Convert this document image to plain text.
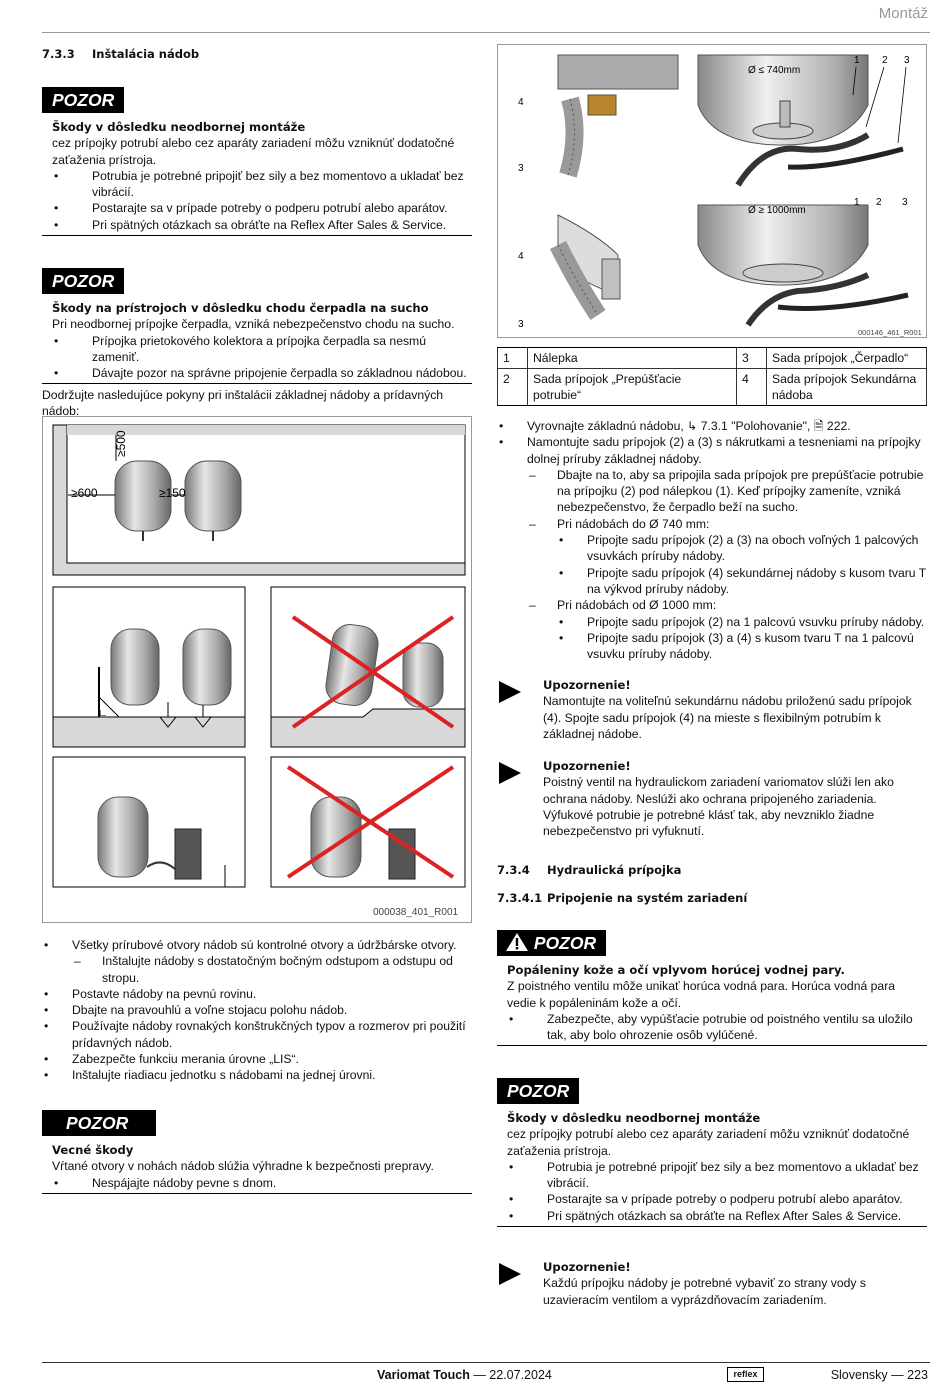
Montáž
7.3.3 Inštalácia nádob
POZOR
Škody v dôsledku neodbornej montáže
cez prípojky potrubí alebo cez aparáty zariadení môžu vzniknúť dodatočné zaťaženia prístroja.
• Potrubia je potrebné pripojiť bez sily a bez momentovo a ukladať bez vibrácií.
• Postarajte sa v prípade potreby o podperu potrubí alebo aparátov.
• Pri spätných otázkach sa obráťte na Reflex After Sales & Service.
POZOR
Škody na prístrojoch v dôsledku chodu čerpadla na sucho
Pri neodbornej prípojke čerpadla, vzniká nebezpečenstvo chodu na sucho.
• Prípojka prietokového kolektora a prípojka čerpadla sa nesmú zameniť.
• Dávajte pozor na správne pripojenie čerpadla so základnou nádobou.
Dodržujte nasledujúce pokyny pri inštalácii základnej nádoby a prídavných nádob:
≥500
≥600	≥150
∟
000038_401_R001
• Všetky prírubové otvory nádob sú kontrolné otvory a údržbárske otvory.
– Inštalujte nádoby s dostatočným bočným odstupom a odstupu od stropu.
• Postavte nádoby na pevnú rovinu.
• Dbajte na pravouhlú a voľne stojacu polohu nádob.
• Používajte nádoby rovnakých konštrukčných typov a rozmerov pri použití prídavných nádob.
• Zabezpečte funkciu merania úrovne „LIS“.
• Inštalujte riadiacu jednotku s nádobami na jednej úrovni.
POZOR
Vecné škody
Vŕtané otvory v nohách nádob slúžia výhradne k bezpečnosti prepravy.
• Nespájajte nádoby pevne s dnom.
Ø ≤ 740mm
1 2 3
4
3
Ø ≥ 1000mm
1 2 3
4
3
000146_461_R001
1	Nálepka	3	Sada prípojok „Čerpadlo“
2	Sada prípojok „Prepúšťacie potrubie“	4	Sada prípojok Sekundárna nádoba
• Vyrovnajte základnú nádobu, ↳ 7.3.1 "Polohovanie", 🗎 222.
• Namontujte sadu prípojok (2) a (3) s nákrutkami a tesneniami na prípojky dolnej príruby základnej nádoby.
– Dbajte na to, aby sa pripojila sada prípojok pre prepúšťacie potrubie na prípojku (2) pod nálepkou (1). Keď prípojky zameníte, vzniká nebezpečenstvo, že čerpadlo beží na sucho.
– Pri nádobách do Ø 740 mm:
• Pripojte sadu prípojok (2) a (3) na oboch voľných 1 palcových vsuvkách príruby nádoby.
• Pripojte sadu prípojok (4) sekundárnej nádoby s kusom tvaru T na výkvod príruby nádoby.
– Pri nádobách od Ø 1000 mm:
• Pripojte sadu prípojok (2) na 1 palcovú vsuvku príruby nádoby.
• Pripojte sadu prípojok (3) a (4) s kusom tvaru T na 1 palcovú vsuvku príruby nádoby.
Upozornenie!
Namontujte na voliteľnú sekundárnu nádobu priloženú sadu prípojok (4). Spojte sadu prípojok (4) na mieste s flexibilným potrubím k základnej nádobe.
Upozornenie!
Poistný ventil na hydraulickom zariadení variomatov slúži len ako ochrana nádoby. Neslúži ako ochrana pripojeného zariadenia. Výfukové potrubie je potrebné klásť tak, aby nevzniklo žiadne nebezpečenstvo pri vyfuknutí.
7.3.4 Hydraulická prípojka
7.3.4.1 Pripojenie na systém zariadení
POZOR
Popáleniny kože a očí vplyvom horúcej vodnej pary.
Z poistného ventilu môže unikať horúca vodná para. Horúca vodná para vedie k popáleninám kože a očí.
• Zabezpečte, aby vypúšťacie potrubie od poistného ventilu sa uložilo tak, aby bolo ohrozenie osôb vylúčené.
POZOR
Škody v dôsledku neodbornej montáže
cez prípojky potrubí alebo cez aparáty zariadení môžu vzniknúť dodatočné zaťaženia prístroja.
• Potrubia je potrebné pripojiť bez sily a bez momentovo a ukladať bez vibrácií.
• Postarajte sa v prípade potreby o podperu potrubí alebo aparátov.
• Pri spätných otázkach sa obráťte na Reflex After Sales & Service.
Upozornenie!
Každú prípojku nádoby je potrebné vybaviť zo strany vody s uzavieracím ventilom a vyprázdňovacím zariadením.
Variomat Touch — 22.07.2024	reflex	Slovensky — 223
